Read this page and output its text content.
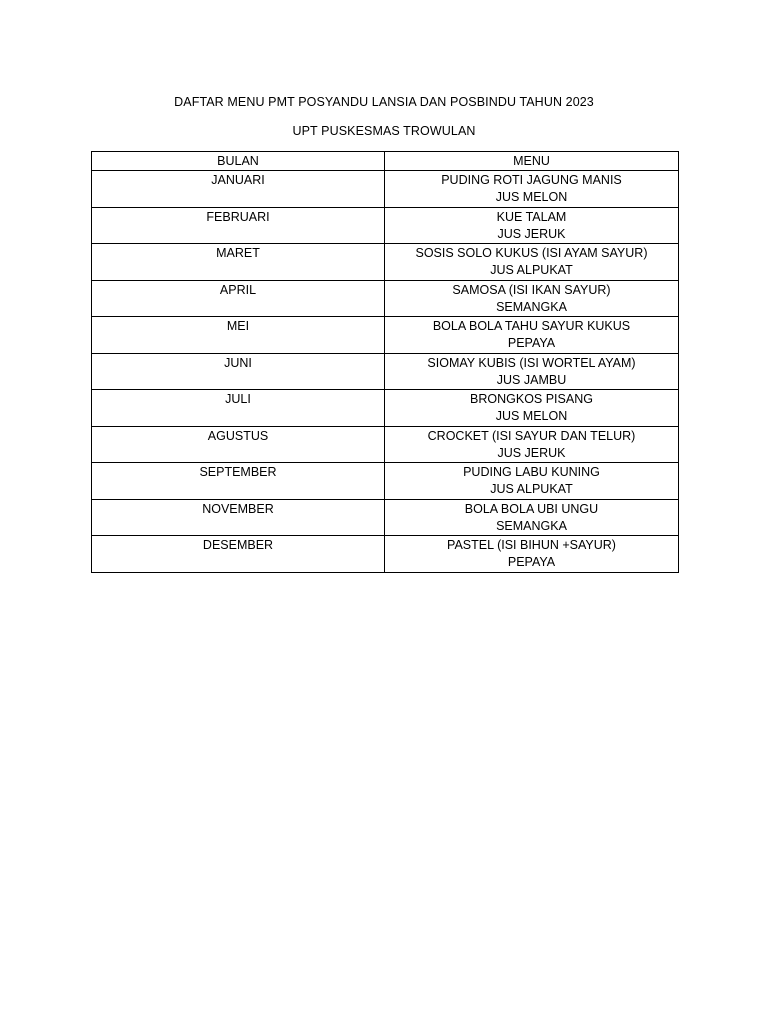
DAFTAR MENU PMT POSYANDU LANSIA DAN POSBINDU TAHUN 2023
UPT PUSKESMAS TROWULAN
BULAN	MENU
JANUARI	PUDING ROTI JAGUNG MANIS
JUS MELON

FEBRUARI	KUE TALAM
JUS JERUK

MARET	SOSIS SOLO KUKUS (ISI AYAM SAYUR)
JUS ALPUKAT

APRIL	SAMOSA (ISI IKAN SAYUR)
SEMANGKA

MEI	BOLA BOLA TAHU SAYUR KUKUS
PEPAYA

JUNI	SIOMAY KUBIS (ISI WORTEL AYAM)
JUS JAMBU

JULI	BRONGKOS PISANG
JUS MELON

AGUSTUS	CROCKET (ISI SAYUR DAN TELUR)
JUS JERUK

SEPTEMBER	PUDING LABU KUNING
JUS ALPUKAT

NOVEMBER	BOLA BOLA UBI UNGU
SEMANGKA

DESEMBER	PASTEL (ISI BIHUN +SAYUR)
PEPAYA
